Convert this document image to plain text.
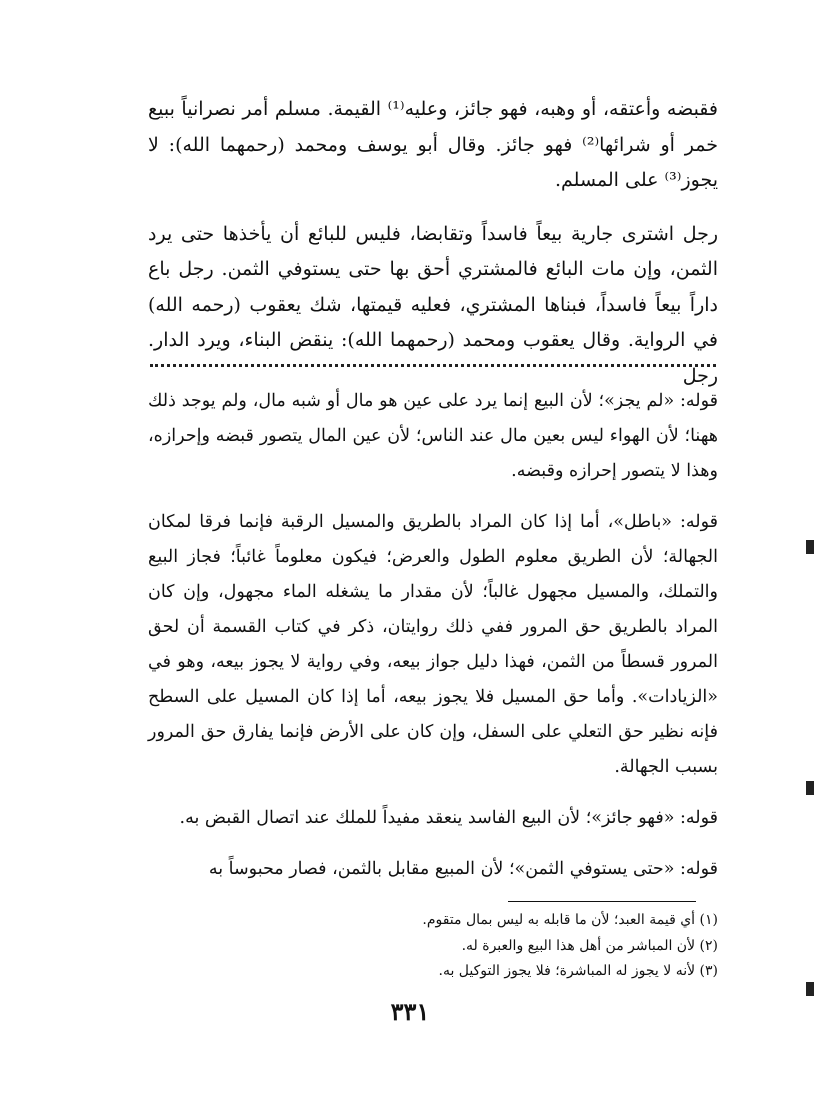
فقبضه وأعتقه، أو وهبه، فهو جائز، وعليه⁽¹⁾ القيمة. مسلم أمر نصرانياً ببيع خمر أو شرائها⁽²⁾ فهو جائز. وقال أبو يوسف ومحمد (رحمهما الله): لا يجوز⁽³⁾ على المسلم.

رجل اشترى جارية بيعاً فاسداً وتقابضا، فليس للبائع أن يأخذها حتى يرد الثمن، وإن مات البائع فالمشتري أحق بها حتى يستوفي الثمن. رجل باع داراً بيعاً فاسداً، فبناها المشتري، فعليه قيمتها، شك يعقوب (رحمه الله) في الرواية. وقال يعقوب ومحمد (رحمهما الله): ينقض البناء، ويرد الدار. رجل

قوله: «لم يجز»؛ لأن البيع إنما يرد على عين هو مال أو شبه مال، ولم يوجد ذلك ههنا؛ لأن الهواء ليس بعين مال عند الناس؛ لأن عين المال يتصور قبضه وإحرازه، وهذا لا يتصور إحرازه وقبضه.

قوله: «باطل»، أما إذا كان المراد بالطريق والمسيل الرقبة فإنما فرقا لمكان الجهالة؛ لأن الطريق معلوم الطول والعرض؛ فيكون معلوماً غائباً؛ فجاز البيع والتملك، والمسيل مجهول غالباً؛ لأن مقدار ما يشغله الماء مجهول، وإن كان المراد بالطريق حق المرور ففي ذلك روايتان، ذكر في كتاب القسمة أن لحق المرور قسطاً من الثمن، فهذا دليل جواز بيعه، وفي رواية لا يجوز بيعه، وهو في «الزيادات». وأما حق المسيل فلا يجوز بيعه، أما إذا كان المسيل على السطح فإنه نظير حق التعلي على السفل، وإن كان على الأرض فإنما يفارق حق المرور بسبب الجهالة.

قوله: «فهو جائز»؛ لأن البيع الفاسد ينعقد مفيداً للملك عند اتصال القبض به.

قوله: «حتى يستوفي الثمن»؛ لأن المبيع مقابل بالثمن، فصار محبوساً به

(١) أي قيمة العبد؛ لأن ما قابله به ليس بمال متقوم.

(٢) لأن المباشر من أهل هذا البيع والعبرة له.

(٣) لأنه لا يجوز له المباشرة؛ فلا يجوز التوكيل به.

٣٣١
